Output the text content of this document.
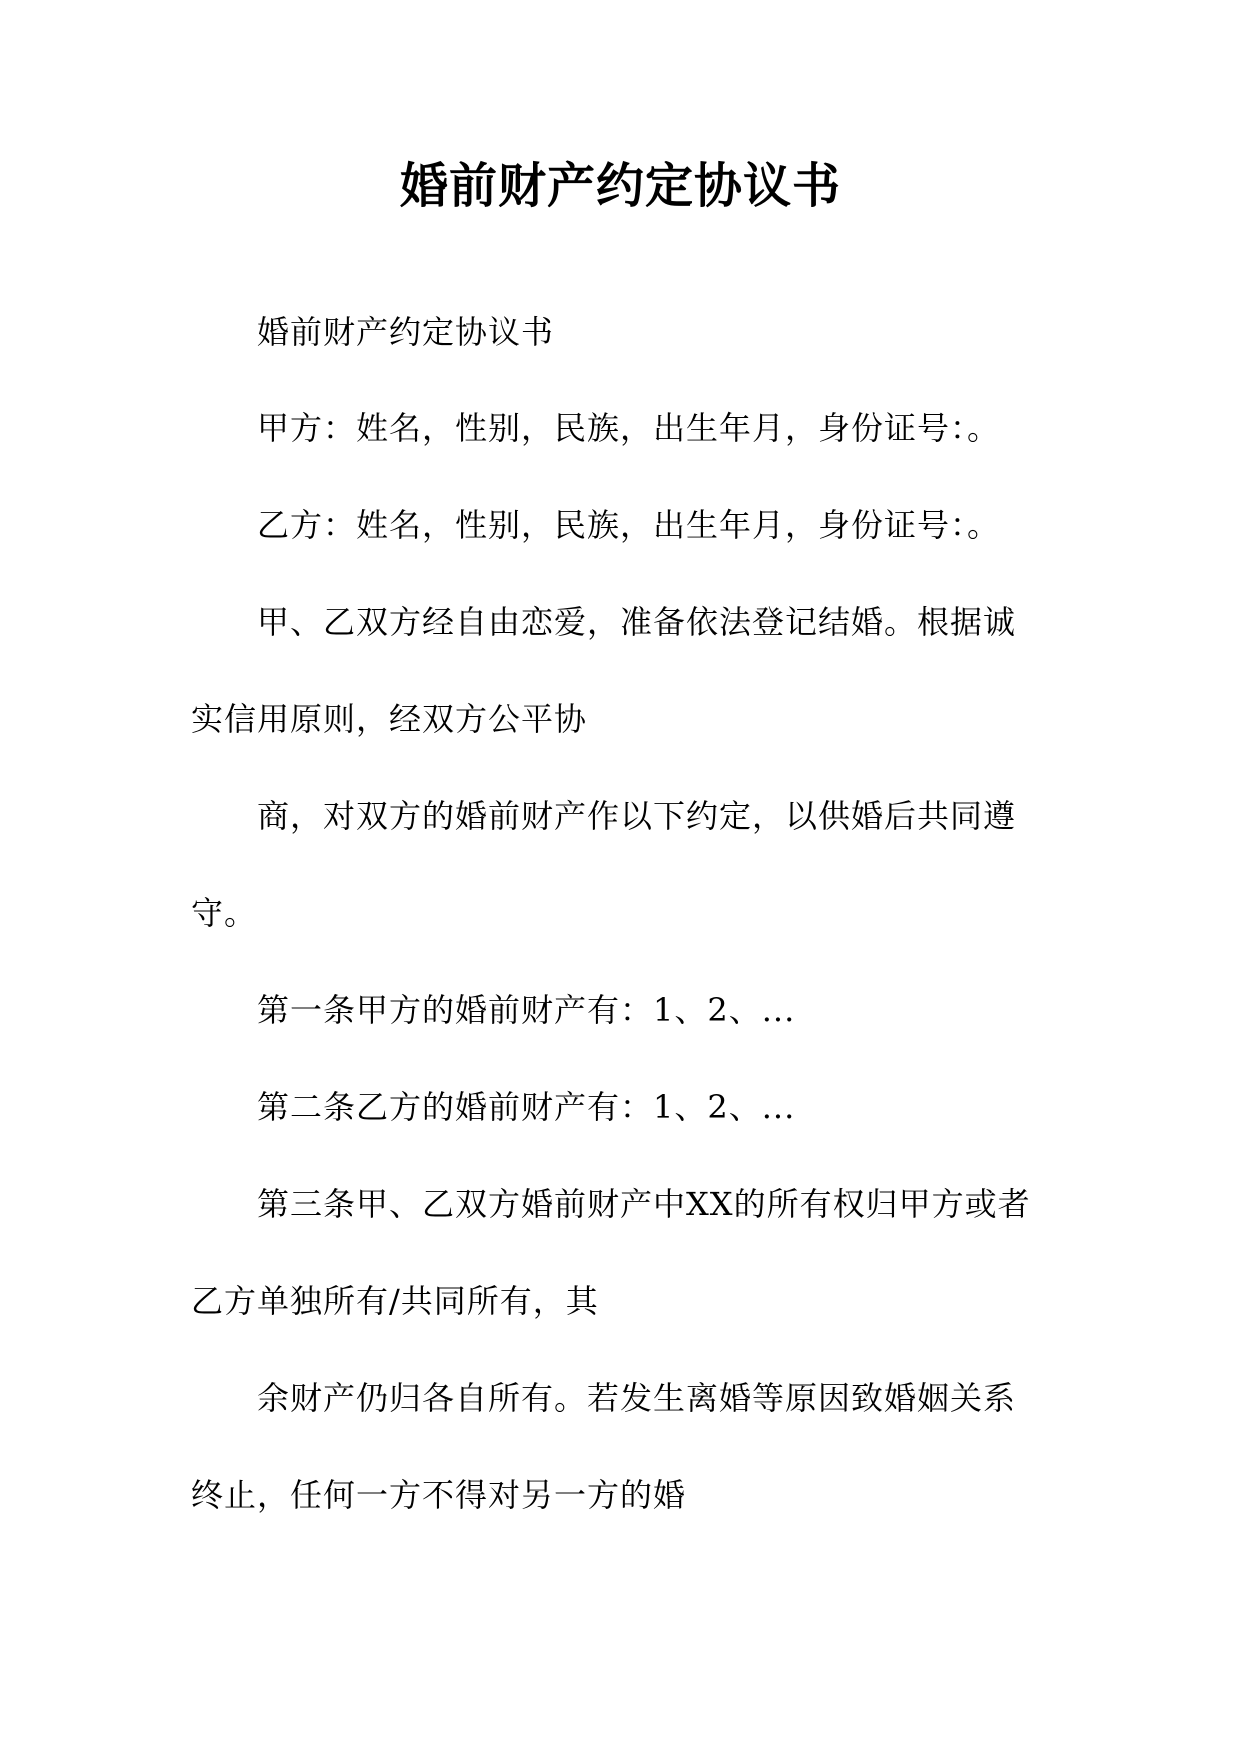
婚前财产约定协议书
婚前财产约定协议书
甲方：姓名，性别，民族，出生年月，身份证号：。
乙方：姓名，性别，民族，出生年月，身份证号：。
甲、乙双方经自由恋爱，准备依法登记结婚。根据诚
实信用原则，经双方公平协
商，对双方的婚前财产作以下约定，以供婚后共同遵
守。
第一条甲方的婚前财产有：1、2、...
第二条乙方的婚前财产有：1、2、...
第三条甲、乙双方婚前财产中XX的所有权归甲方或者
乙方单独所有/共同所有，其
余财产仍归各自所有。若发生离婚等原因致婚姻关系
终止，任何一方不得对另一方的婚
